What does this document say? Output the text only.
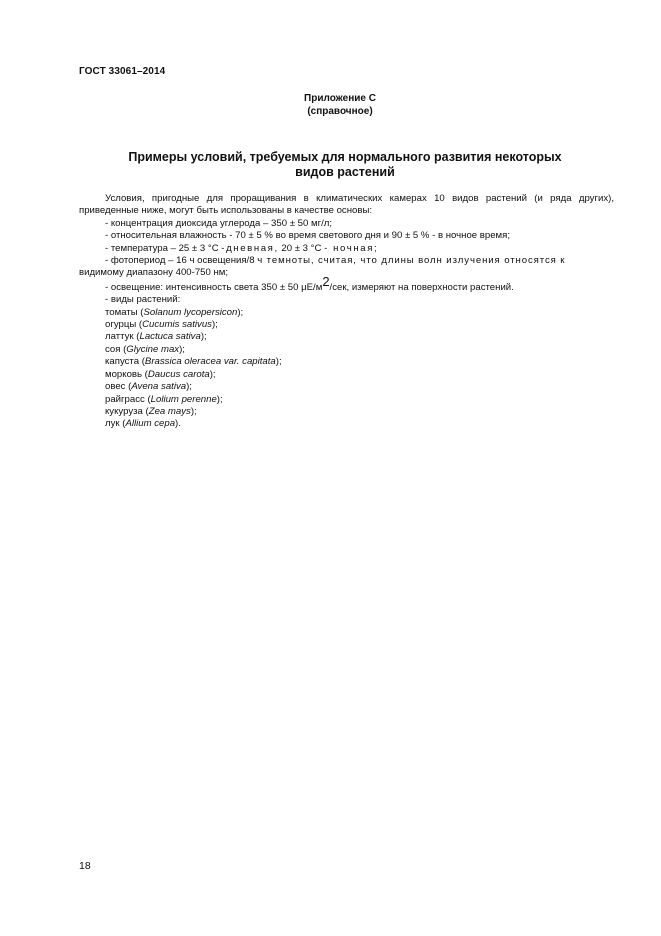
ГОСТ 33061–2014
Приложение С
(справочное)
Примеры условий, требуемых для нормального развития некоторых
видов растений

Условия, пригодные для проращивания в климатических камерах 10 видов растений (и ряда других), приведенные ниже, могут быть использованы в качестве основы:

- концентрация диоксида углерода – 350 ± 50 мг/л;

- относительная влажность - 70 ± 5 % во время светового дня и 90 ± 5 % - в ночное время;

- температура – 25 ± 3 °С -дневная, 20 ± 3 °С - ночная;

- фотопериод – 16 ч освещения/8 ч темноты, считая, что длины волн излучения относятся к

видимому диапазону 400-750 нм;

- освещение: интенсивность света 350 ± 50 μЕ/м2/сек, измеряют на поверхности растений.

- виды растений:

томаты (Solanum lycopersicon);

огурцы (Cucumis sativus);

латтук (Lactuca sativa);

соя (Glycine max);

капуста (Brassica oleracea var. capitata);

морковь (Daucus carota);

овес (Avena sativa);

райграсс (Lolium perenne);

кукуруза (Zea mays);

лук (Allium cepa).

18
